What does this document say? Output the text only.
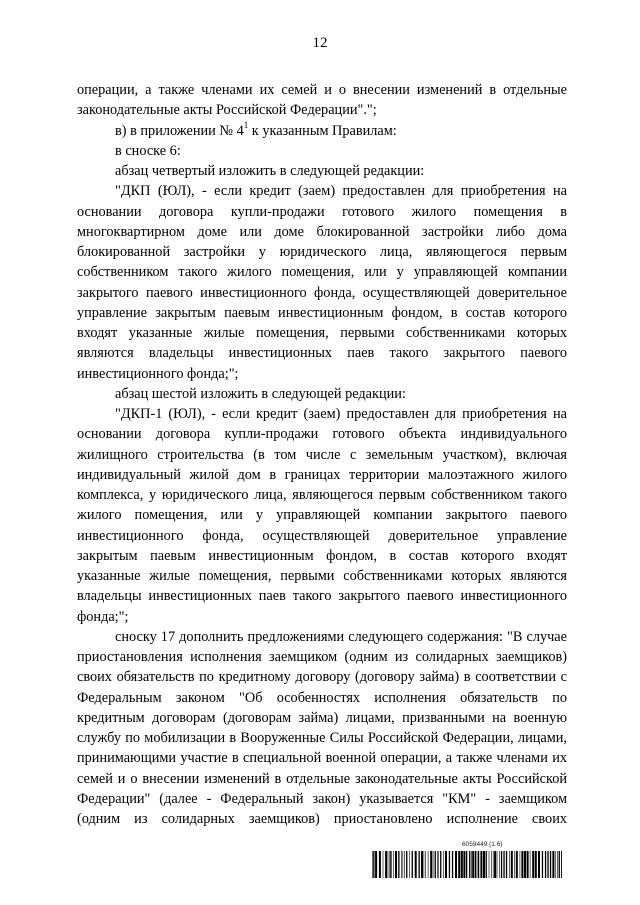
12

операции, а также членами их семей и о внесении изменений в отдельные законодательные акты Российской Федерации".";

в) в приложении № $4^1$ к указанным Правилам:

в сноске 6:

абзац четвертый изложить в следующей редакции:

"ДКП (ЮЛ), - если кредит (заем) предоставлен для приобретения на основании договора купли-продажи готового жилого помещения в многоквартирном доме или доме блокированной застройки либо дома блокированной застройки у юридического лица, являющегося первым собственником такого жилого помещения, или у управляющей компании закрытого паевого инвестиционного фонда, осуществляющей доверительное управление закрытым паевым инвестиционным фондом, в состав которого входят указанные жилые помещения, первыми собственниками которых являются владельцы инвестиционных паев такого закрытого паевого инвестиционного фонда;";

абзац шестой изложить в следующей редакции:

"ДКП-1 (ЮЛ), - если кредит (заем) предоставлен для приобретения на основании договора купли-продажи готового объекта индивидуального жилищного строительства (в том числе с земельным участком), включая индивидуальный жилой дом в границах территории малоэтажного жилого комплекса, у юридического лица, являющегося первым собственником такого жилого помещения, или у управляющей компании закрытого паевого инвестиционного фонда, осуществляющей доверительное управление закрытым паевым инвестиционным фондом, в состав которого входят указанные жилые помещения, первыми собственниками которых являются владельцы инвестиционных паев такого закрытого паевого инвестиционного фонда;";

сноску 17 дополнить предложениями следующего содержания: "В случае приостановления исполнения заемщиком (одним из солидарных заемщиков) своих обязательств по кредитному договору (договору займа) в соответствии с Федеральным законом "Об особенностях исполнения обязательств по кредитным договорам (договорам займа) лицами, призванными на военную службу по мобилизации в Вооруженные Силы Российской Федерации, лицами, принимающими участие в специальной военной операции, а также членами их семей и о внесении изменений в отдельные законодательные акты Российской Федерации" (далее - Федеральный закон) указывается "КМ" - заемщиком (одним из солидарных заемщиков) приостановлено исполнение своих

6059449 (1.6)
